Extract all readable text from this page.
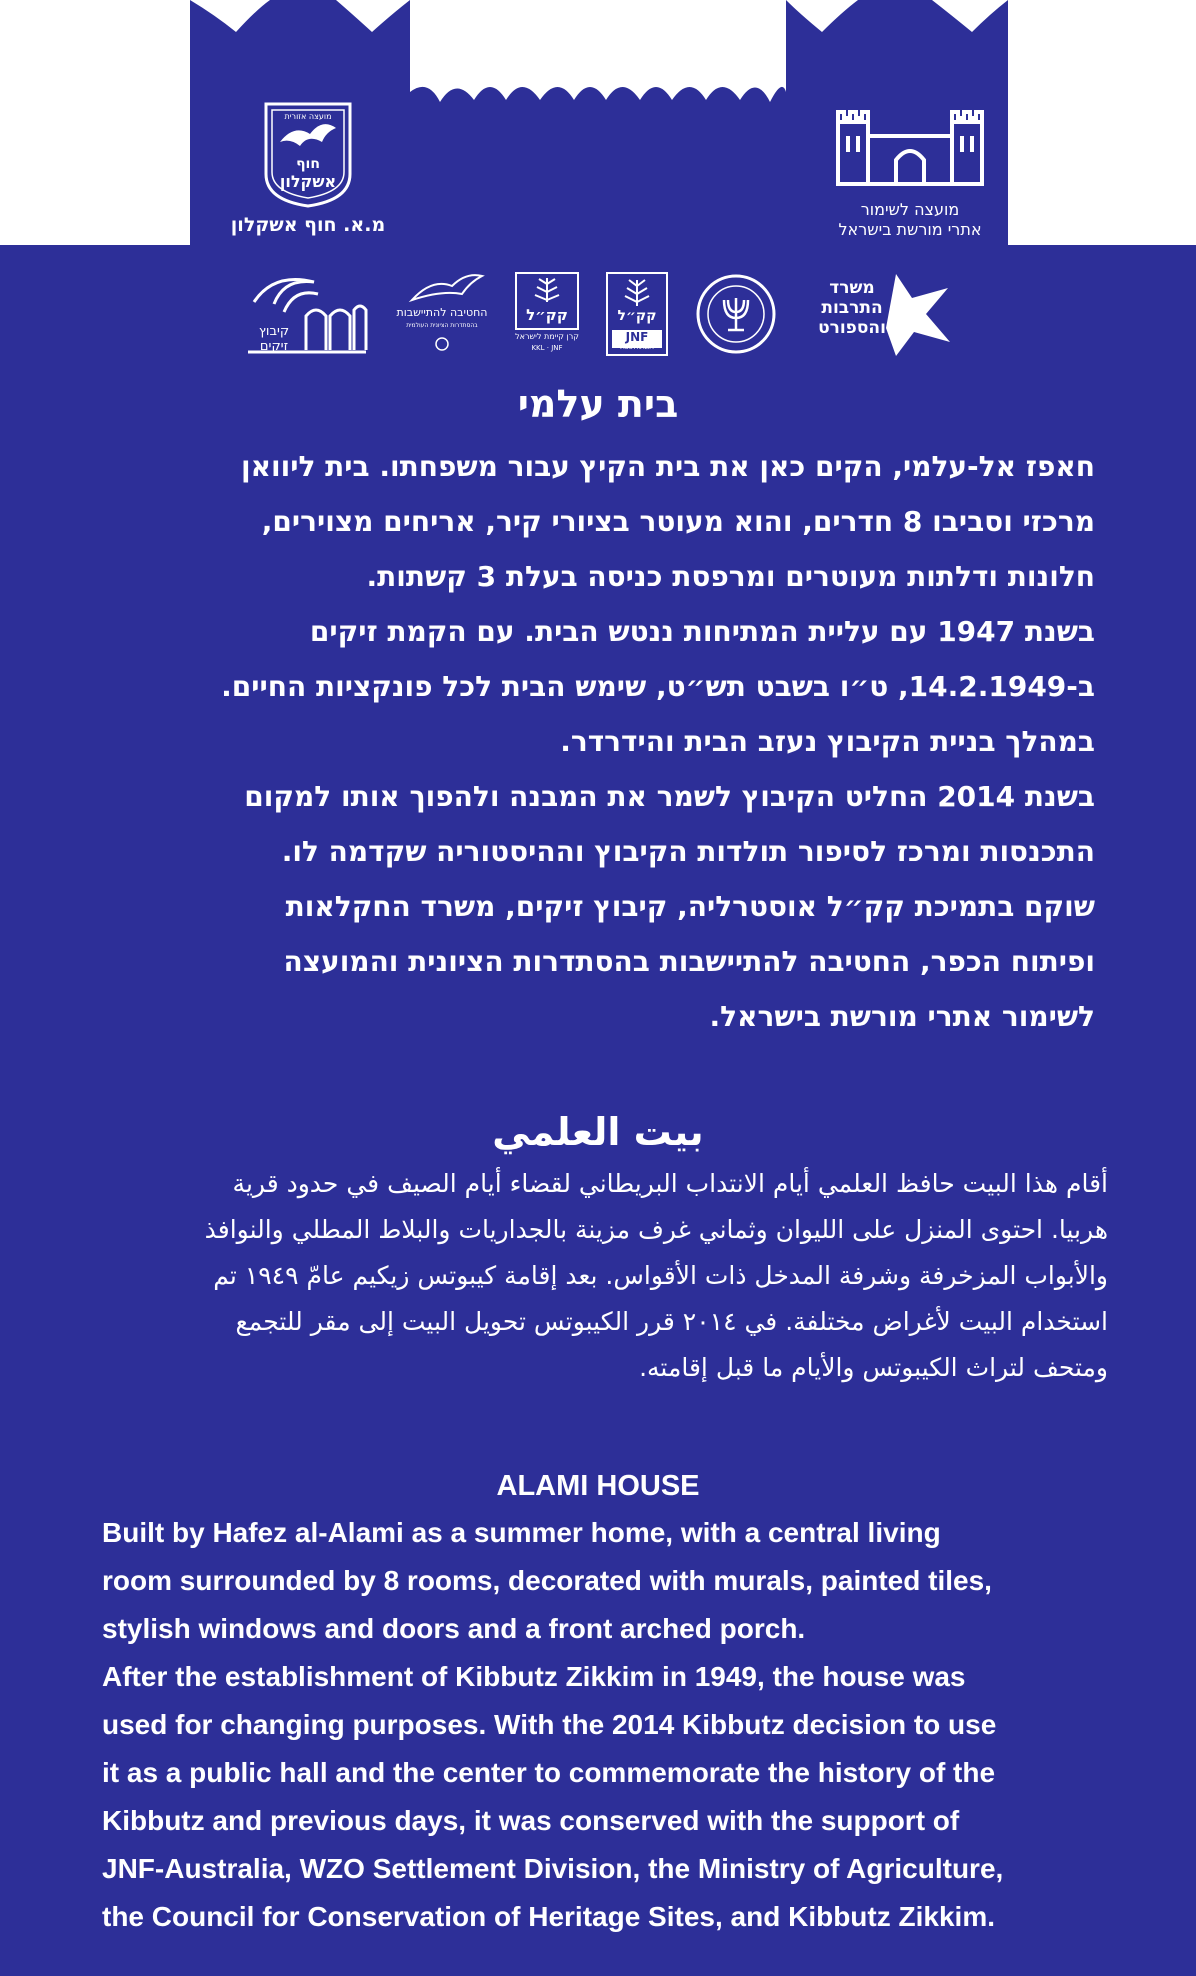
מועצה לשימור
אתרי מורשת בישראל
מועצה אזורית
חוף
אשקלון
מ.א. חוף אשקלון
משרד
התרבות
והספורט
קק״ל
JNF
AUSTRALIA
קק״ל
קרן קיימת לישראל
KKL · JNF
החטיבה להתיישבות
בהסתדרות הציונית העולמית
קיבוץ זיקים
בית עלמי
חאפז אל-עלמי, הקים כאן את בית הקיץ עבור משפחתו. בית ליוואן
מרכזי וסביבו 8 חדרים, והוא מעוטר בציורי קיר, אריחים מצוירים,
חלונות ודלתות מעוטרים ומרפסת כניסה בעלת 3 קשתות.
בשנת 1947 עם עליית המתיחות ננטש הבית. עם הקמת זיקים
ב-14.2.1949, ט״ו בשבט תש״ט, שימש הבית לכל פונקציות החיים.
במהלך בניית הקיבוץ נעזב הבית והידרדר.
בשנת 2014 החליט הקיבוץ לשמר את המבנה ולהפוך אותו למקום
התכנסות ומרכז לסיפור תולדות הקיבוץ וההיסטוריה שקדמה לו.
שוקם בתמיכת קק״ל אוסטרליה, קיבוץ זיקים, משרד החקלאות
ופיתוח הכפר, החטיבה להתיישבות בהסתדרות הציונית והמועצה
לשימור אתרי מורשת בישראל.
بيت العلمي
أقام هذا البيت حافظ العلمي أيام الانتداب البريطاني لقضاء أيام الصيف في حدود قرية
هربيا. احتوى المنزل على الليوان وثماني غرف مزينة بالجداريات والبلاط المطلي والنوافذ
والأبواب المزخرفة وشرفة المدخل ذات الأقواس. بعد إقامة كيبوتس زيكيم عامّ ١٩٤٩ تم
استخدام البيت لأغراض مختلفة. في ٢٠١٤ قرر الكيبوتس تحويل البيت إلى مقر للتجمع
ومتحف لتراث الكيبوتس والأيام ما قبل إقامته.
ALAMI HOUSE
Built by Hafez al-Alami as a summer home, with a central living
room surrounded by 8 rooms, decorated with murals, painted tiles,
stylish windows and doors and a front arched porch.
After the establishment of Kibbutz Zikkim in 1949, the house was
used for changing purposes. With the 2014 Kibbutz decision to use
it as a public hall and the center to commemorate the history of the
Kibbutz and previous days, it was conserved with the support of
JNF-Australia, WZO Settlement Division, the Ministry of Agriculture,
the Council for Conservation of Heritage Sites, and Kibbutz Zikkim.
